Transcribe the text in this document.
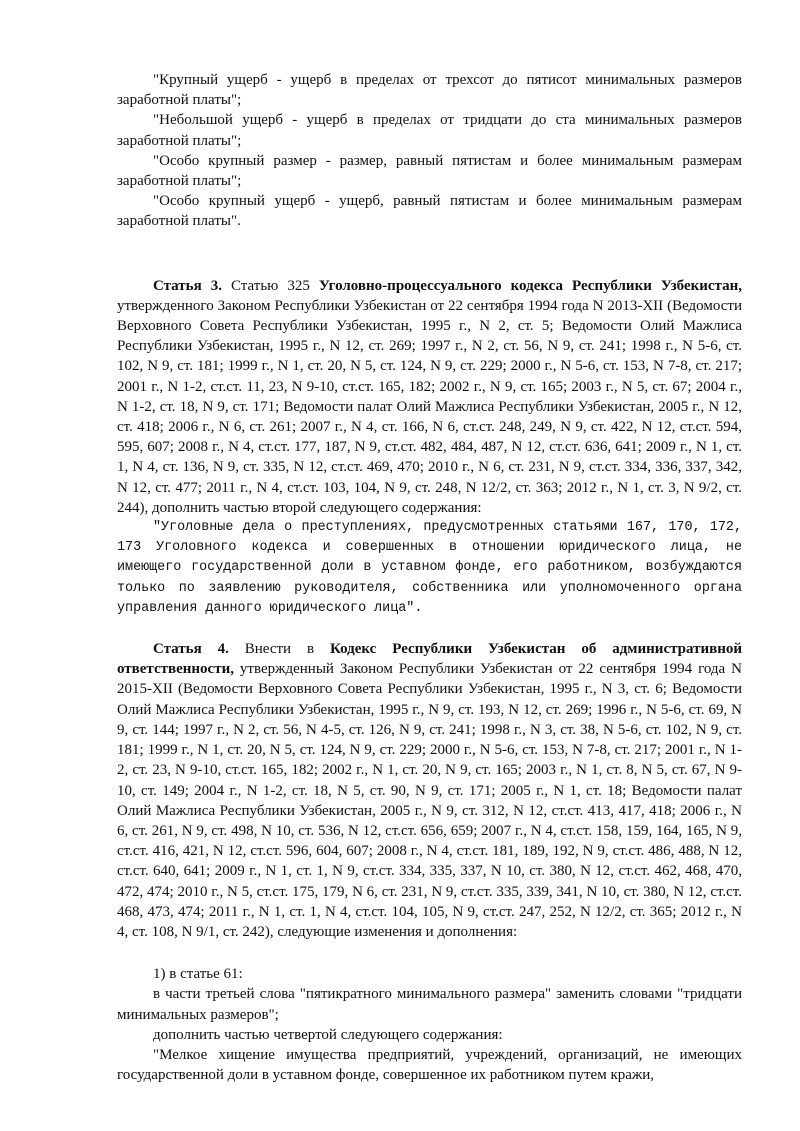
"Крупный ущерб - ущерб в пределах от трехсот до пятисот минимальных размеров заработной платы";

"Небольшой ущерб - ущерб в пределах от тридцати до ста минимальных размеров заработной платы";

"Особо крупный размер - размер, равный пятистам и более минимальным размерам заработной платы";

"Особо крупный ущерб - ущерб, равный пятистам и более минимальным размерам заработной платы".

Статья 3. Статью 325 Уголовно-процессуального кодекса Республики Узбекистан, утвержденного Законом Республики Узбекистан от 22 сентября 1994 года N 2013-XII (Ведомости Верховного Совета Республики Узбекистан, 1995 г., N 2, ст. 5; Ведомости Олий Мажлиса Республики Узбекистан, 1995 г., N 12, ст. 269; 1997 г., N 2, ст. 56, N 9, ст. 241; 1998 г., N 5-6, ст. 102, N 9, ст. 181; 1999 г., N 1, ст. 20, N 5, ст. 124, N 9, ст. 229; 2000 г., N 5-6, ст. 153, N 7-8, ст. 217; 2001 г., N 1-2, ст.ст. 11, 23, N 9-10, ст.ст. 165, 182; 2002 г., N 9, ст. 165; 2003 г., N 5, ст. 67; 2004 г., N 1-2, ст. 18, N 9, ст. 171; Ведомости палат Олий Мажлиса Республики Узбекистан, 2005 г., N 12, ст. 418; 2006 г., N 6, ст. 261; 2007 г., N 4, ст. 166, N 6, ст.ст. 248, 249, N 9, ст. 422, N 12, ст.ст. 594, 595, 607; 2008 г., N 4, ст.ст. 177, 187, N 9, ст.ст. 482, 484, 487, N 12, ст.ст. 636, 641; 2009 г., N 1, ст. 1, N 4, ст. 136, N 9, ст. 335, N 12, ст.ст. 469, 470; 2010 г., N 6, ст. 231, N 9, ст.ст. 334, 336, 337, 342, N 12, ст. 477; 2011 г., N 4, ст.ст. 103, 104, N 9, ст. 248, N 12/2, ст. 363; 2012 г., N 1, ст. 3, N 9/2, ст. 244), дополнить частью второй следующего содержания:

"Уголовные дела о преступлениях, предусмотренных статьями 167, 170, 172, 173 Уголовного кодекса и совершенных в отношении юридического лица, не имеющего государственной доли в уставном фонде, его работником, возбуждаются только по заявлению руководителя, собственника или уполномоченного органа управления данного юридического лица".

Статья 4. Внести в Кодекс Республики Узбекистан об административной ответственности, утвержденный Законом Республики Узбекистан от 22 сентября 1994 года N 2015-XII (Ведомости Верховного Совета Республики Узбекистан, 1995 г., N 3, ст. 6; Ведомости Олий Мажлиса Республики Узбекистан, 1995 г., N 9, ст. 193, N 12, ст. 269; 1996 г., N 5-6, ст. 69, N 9, ст. 144; 1997 г., N 2, ст. 56, N 4-5, ст. 126, N 9, ст. 241; 1998 г., N 3, ст. 38, N 5-6, ст. 102, N 9, ст. 181; 1999 г., N 1, ст. 20, N 5, ст. 124, N 9, ст. 229; 2000 г., N 5-6, ст. 153, N 7-8, ст. 217; 2001 г., N 1-2, ст. 23, N 9-10, ст.ст. 165, 182; 2002 г., N 1, ст. 20, N 9, ст. 165; 2003 г., N 1, ст. 8, N 5, ст. 67, N 9-10, ст. 149; 2004 г., N 1-2, ст. 18, N 5, ст. 90, N 9, ст. 171; 2005 г., N 1, ст. 18; Ведомости палат Олий Мажлиса Республики Узбекистан, 2005 г., N 9, ст. 312, N 12, ст.ст. 413, 417, 418; 2006 г., N 6, ст. 261, N 9, ст. 498, N 10, ст. 536, N 12, ст.ст. 656, 659; 2007 г., N 4, ст.ст. 158, 159, 164, 165, N 9, ст.ст. 416, 421, N 12, ст.ст. 596, 604, 607; 2008 г., N 4, ст.ст. 181, 189, 192, N 9, ст.ст. 486, 488, N 12, ст.ст. 640, 641; 2009 г., N 1, ст. 1, N 9, ст.ст. 334, 335, 337, N 10, ст. 380, N 12, ст.ст. 462, 468, 470, 472, 474; 2010 г., N 5, ст.ст. 175, 179, N 6, ст. 231, N 9, ст.ст. 335, 339, 341, N 10, ст. 380, N 12, ст.ст. 468, 473, 474; 2011 г., N 1, ст. 1, N 4, ст.ст. 104, 105, N 9, ст.ст. 247, 252, N 12/2, ст. 365; 2012 г., N 4, ст. 108, N 9/1, ст. 242), следующие изменения и дополнения:

1) в статье 61:

в части третьей слова "пятикратного минимального размера" заменить словами "тридцати минимальных размеров";

дополнить частью четвертой следующего содержания:

"Мелкое хищение имущества предприятий, учреждений, организаций, не имеющих государственной доли в уставном фонде, совершенное их работником путем кражи,
